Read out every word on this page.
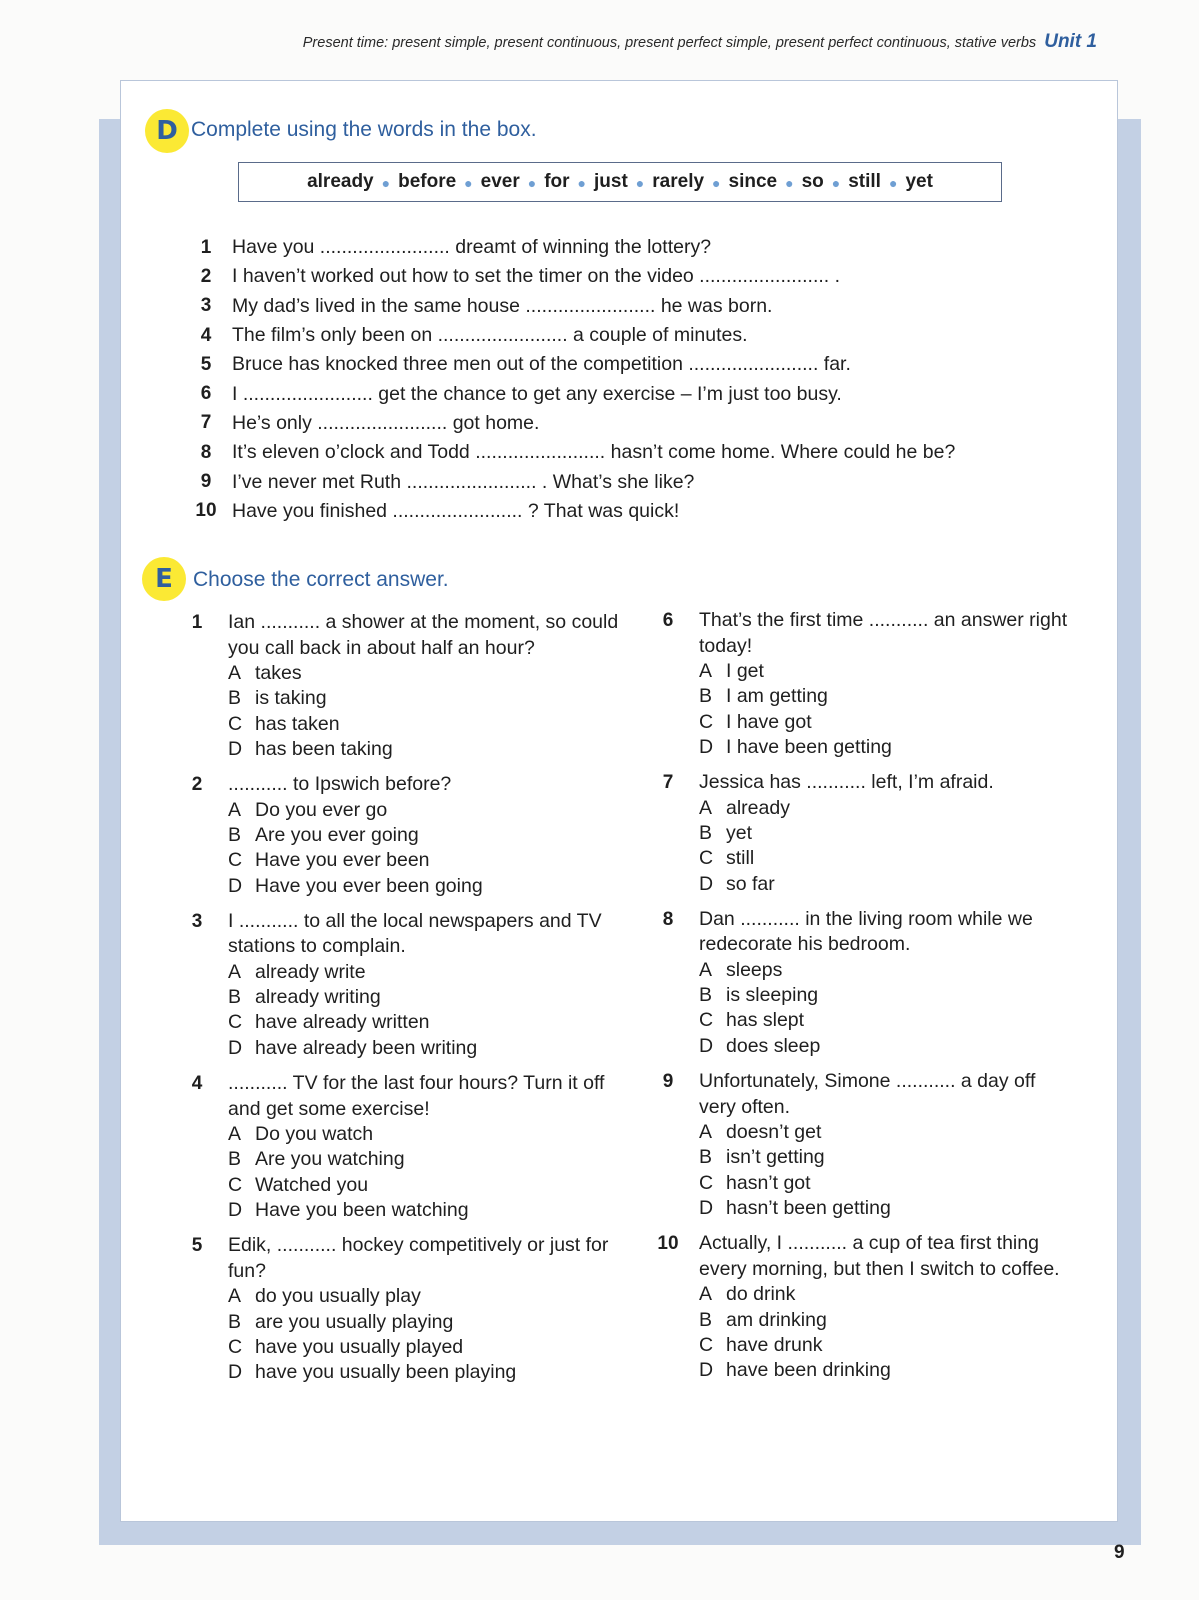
Present time: present simple, present continuous, present perfect simple, present perfect continuous, stative verbs Unit 1
D Complete using the words in the box.
already ● before ● ever ● for ● just ● rarely ● since ● so ● still ● yet
1	Have you ........................ dreamt of winning the lottery?
2	I haven’t worked out how to set the timer on the video ........................ .
3	My dad’s lived in the same house ........................ he was born.
4	The film’s only been on ........................ a couple of minutes.
5	Bruce has knocked three men out of the competition ........................ far.
6	I ........................ get the chance to get any exercise – I’m just too busy.
7	He’s only ........................ got home.
8	It’s eleven o’clock and Todd ........................ hasn’t come home. Where could he be?
9	I’ve never met Ruth ........................ . What’s she like?
10 Have you finished ........................ ? That was quick!
E Choose the correct answer.
1	Ian ........... a shower at the moment, so could you call back in about half an hour?
A takes
B is taking
C has taken
D has been taking
2	........... to Ipswich before?
A Do you ever go
B Are you ever going
C Have you ever been
D Have you ever been going
3	I ........... to all the local newspapers and TV stations to complain.
A already write
B already writing
C have already written
D have already been writing
4	........... TV for the last four hours? Turn it off and get some exercise!
A Do you watch
B Are you watching
C Watched you
D Have you been watching
5	Edik, ........... hockey competitively or just for fun?
A do you usually play
B are you usually playing
C have you usually played
D have you usually been playing
6	That’s the first time ........... an answer right today!
A I get
B I am getting
C I have got
D I have been getting
7	Jessica has ........... left, I’m afraid.
A already
B yet
C still
D so far
8	Dan ........... in the living room while we redecorate his bedroom.
A sleeps
B is sleeping
C has slept
D does sleep
9	Unfortunately, Simone ........... a day off very often.
A doesn’t get
B isn’t getting
C hasn’t got
D hasn’t been getting
10 Actually, I ........... a cup of tea first thing every morning, but then I switch to coffee.
A do drink
B am drinking
C have drunk
D have been drinking
9
